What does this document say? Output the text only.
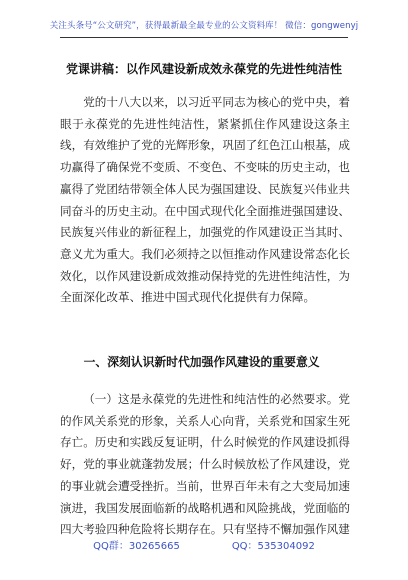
关注头条号“公文研究”，获得最新最全最专业的公文资料库！ 微信：gongwenyj
党课讲稿：以作风建设新成效永葆党的先进性纯洁性

党的十八大以来，以习近平同志为核心的党中央，着眼于永葆党的先进性纯洁性，紧紧抓住作风建设这条主线，有效维护了党的光辉形象，巩固了红色江山根基，成功赢得了确保党不变质、不变色、不变味的历史主动，也赢得了党团结带领全体人民为强国建设、民族复兴伟业共同奋斗的历史主动。在中国式现代化全面推进强国建设、民族复兴伟业的新征程上，加强党的作风建设正当其时、意义尤为重大。我们必须持之以恒推动作风建设常态化长效化，以作风建设新成效推动保持党的先进性纯洁性，为全面深化改革、推进中国式现代化提供有力保障。

一、深刻认识新时代加强作风建设的重要意义

（一）这是永葆党的先进性和纯洁性的必然要求。党的作风关系党的形象，关系人心向背，关系党和国家生死存亡。历史和实践反复证明，什么时候党的作风建设抓得好，党的事业就蓬勃发展；什么时候放松了作风建设，党的事业就会遭受挫折。当前，世界百年未有之大变局加速演进，我国发展面临新的战略机遇和风险挑战，党面临的四大考验四种危险将长期存在。只有坚持不懈加强作风建

QQ群：30265665	QQ：535304092
